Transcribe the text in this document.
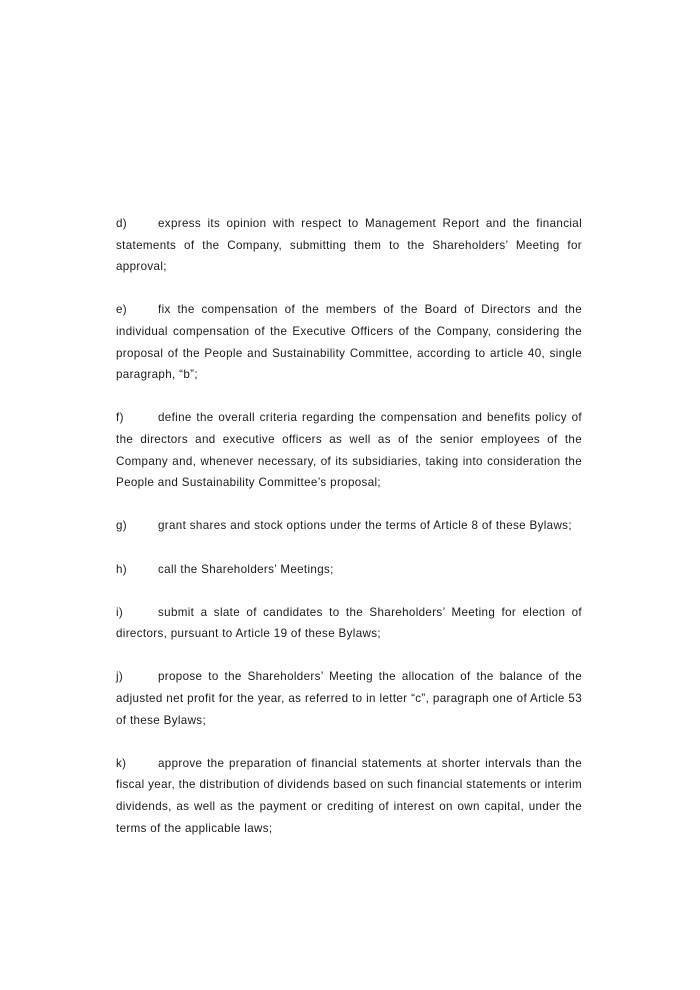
d)	express its opinion with respect to Management Report and the financial statements of the Company, submitting them to the Shareholders’ Meeting for approval;

e)	fix the compensation of the members of the Board of Directors and the individual compensation of the Executive Officers of the Company, considering the proposal of the People and Sustainability Committee, according to article 40, single paragraph, “b”;

f)	define the overall criteria regarding the compensation and benefits policy of the directors and executive officers as well as of the senior employees of the Company and, whenever necessary, of its subsidiaries, taking into consideration the People and Sustainability Committee’s proposal;

g)	grant shares and stock options under the terms of Article 8 of these Bylaws;

h)	call the Shareholders’ Meetings;

i)	submit a slate of candidates to the Shareholders’ Meeting for election of directors, pursuant to Article 19 of these Bylaws;

j)	propose to the Shareholders’ Meeting the allocation of the balance of the adjusted net profit for the year, as referred to in letter “c”, paragraph one of Article 53 of these Bylaws;

k)	approve the preparation of financial statements at shorter intervals than the fiscal year, the distribution of dividends based on such financial statements or interim dividends, as well as the payment or crediting of interest on own capital, under the terms of the applicable laws;
